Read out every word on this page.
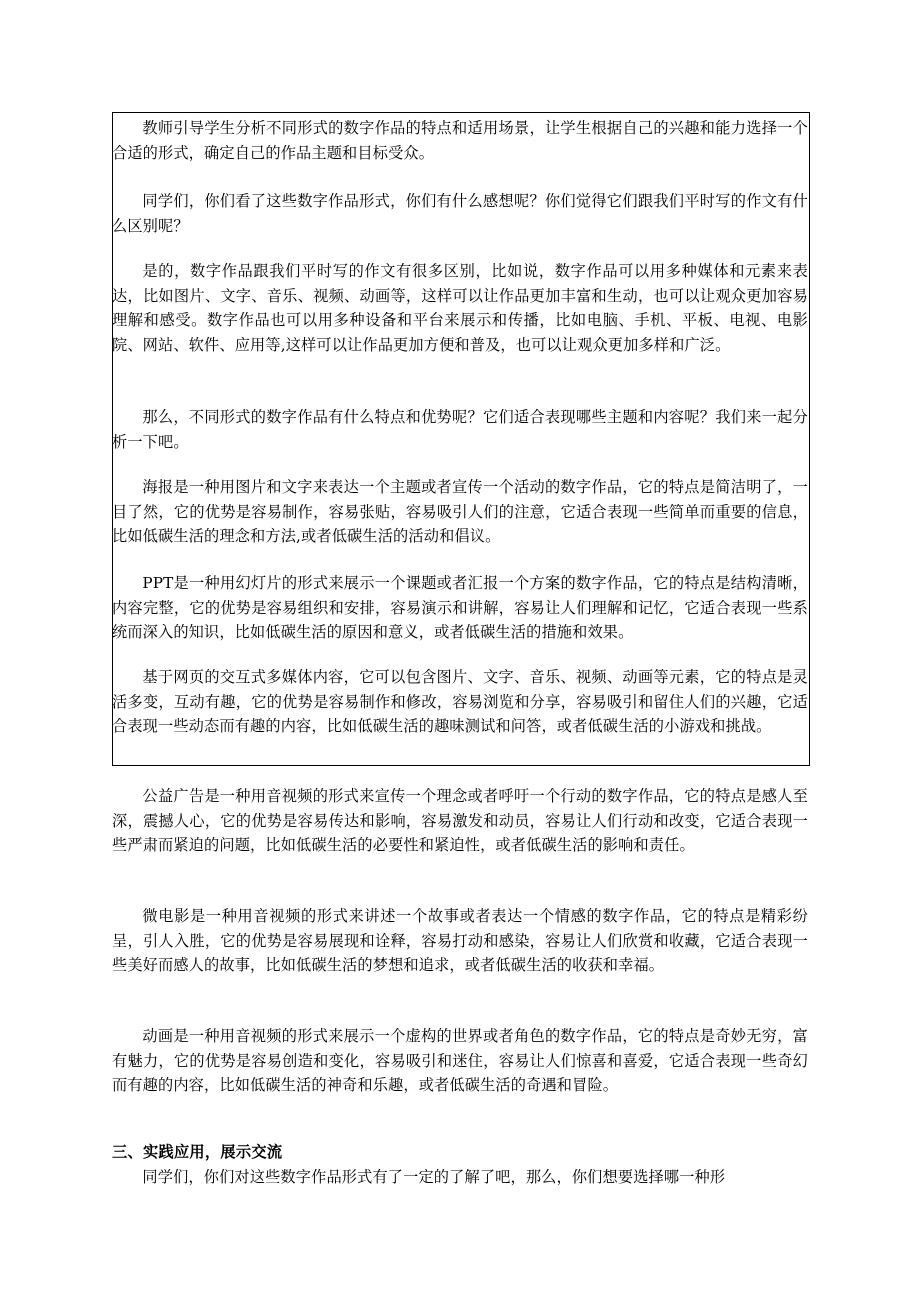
教师引导学生分析不同形式的数字作品的特点和适用场景，让学生根据自己的兴趣和能力选择一个合适的形式，确定自己的作品主题和目标受众。

同学们，你们看了这些数字作品形式，你们有什么感想呢？你们觉得它们跟我们平时写的作文有什么区别呢？

是的，数字作品跟我们平时写的作文有很多区别，比如说，数字作品可以用多种媒体和元素来表达，比如图片、文字、音乐、视频、动画等，这样可以让作品更加丰富和生动，也可以让观众更加容易理解和感受。数字作品也可以用多种设备和平台来展示和传播，比如电脑、手机、平板、电视、电影院、网站、软件、应用等,这样可以让作品更加方便和普及，也可以让观众更加多样和广泛。

那么，不同形式的数字作品有什么特点和优势呢？它们适合表现哪些主题和内容呢？我们来一起分析一下吧。

海报是一种用图片和文字来表达一个主题或者宣传一个活动的数字作品，它的特点是简洁明了，一目了然，它的优势是容易制作，容易张贴，容易吸引人们的注意，它适合表现一些简单而重要的信息，比如低碳生活的理念和方法,或者低碳生活的活动和倡议。

PPT是一种用幻灯片的形式来展示一个课题或者汇报一个方案的数字作品，它的特点是结构清晰，内容完整，它的优势是容易组织和安排，容易演示和讲解，容易让人们理解和记忆，它适合表现一些系统而深入的知识，比如低碳生活的原因和意义，或者低碳生活的措施和效果。

基于网页的交互式多媒体内容，它可以包含图片、文字、音乐、视频、动画等元素，它的特点是灵活多变，互动有趣，它的优势是容易制作和修改，容易浏览和分享，容易吸引和留住人们的兴趣，它适合表现一些动态而有趣的内容，比如低碳生活的趣味测试和问答，或者低碳生活的小游戏和挑战。

公益广告是一种用音视频的形式来宣传一个理念或者呼吁一个行动的数字作品，它的特点是感人至深，震撼人心，它的优势是容易传达和影响，容易激发和动员，容易让人们行动和改变，它适合表现一些严肃而紧迫的问题，比如低碳生活的必要性和紧迫性，或者低碳生活的影响和责任。

微电影是一种用音视频的形式来讲述一个故事或者表达一个情感的数字作品，它的特点是精彩纷呈，引人入胜，它的优势是容易展现和诠释，容易打动和感染，容易让人们欣赏和收藏，它适合表现一些美好而感人的故事，比如低碳生活的梦想和追求，或者低碳生活的收获和幸福。

动画是一种用音视频的形式来展示一个虚构的世界或者角色的数字作品，它的特点是奇妙无穷，富有魅力，它的优势是容易创造和变化，容易吸引和迷住，容易让人们惊喜和喜爱，它适合表现一些奇幻而有趣的内容，比如低碳生活的神奇和乐趣，或者低碳生活的奇遇和冒险。

三、实践应用，展示交流

同学们，你们对这些数字作品形式有了一定的了解了吧，那么，你们想要选择哪一种形
